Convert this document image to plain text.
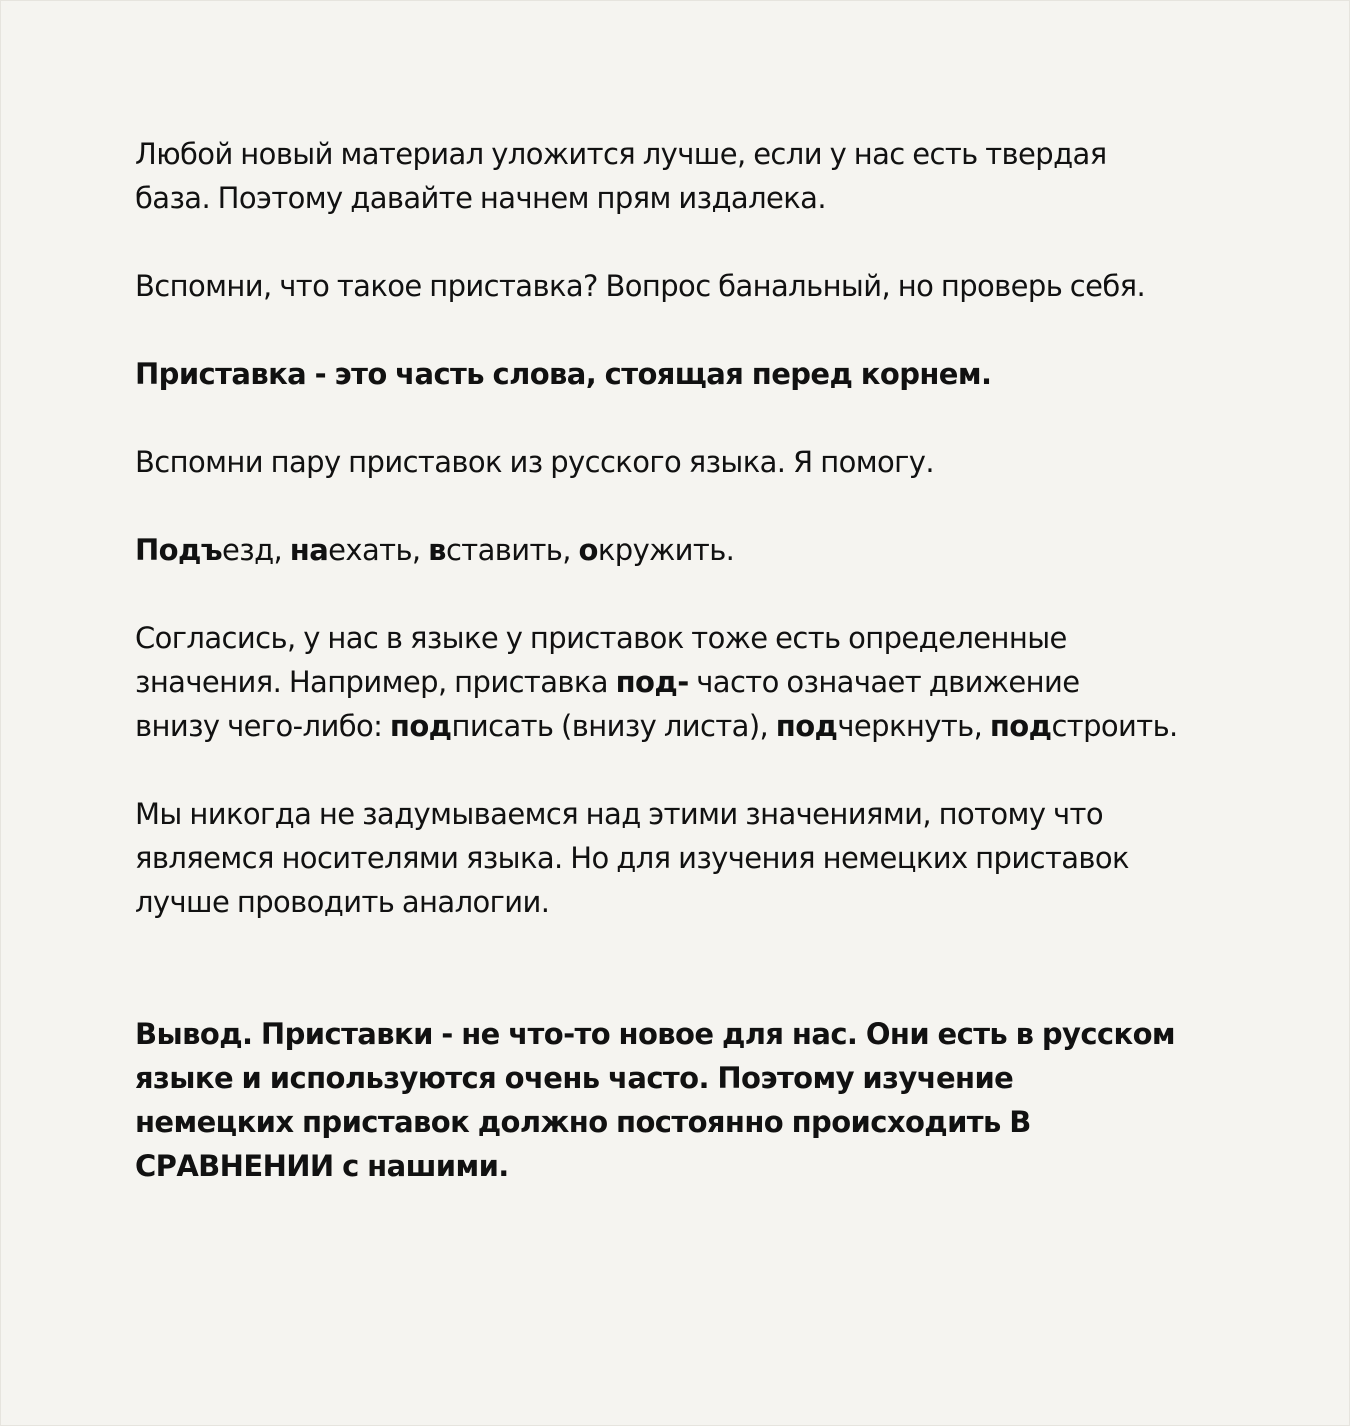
Любой новый материал уложится лучше, если у нас есть твердая
база. Поэтому давайте начнем прям издалека.

Вспомни, что такое приставка? Вопрос банальный, но проверь себя.

Приставка - это часть слова, стоящая перед корнем.

Вспомни пару приставок из русского языка. Я помогу.

Подъезд, наехать, вставить, окружить.

Согласись, у нас в языке у приставок тоже есть определенные
значения. Например, приставка под- часто означает движение
внизу чего-либо: подписать (внизу листа), подчеркнуть, подстроить.

Мы никогда не задумываемся над этими значениями, потому что
являемся носителями языка. Но для изучения немецких приставок
лучше проводить аналогии.

Вывод. Приставки - не что-то новое для нас. Они есть в русском
языке и используются очень часто. Поэтому изучение
немецких приставок должно постоянно происходить В
СРАВНЕНИИ с нашими.
